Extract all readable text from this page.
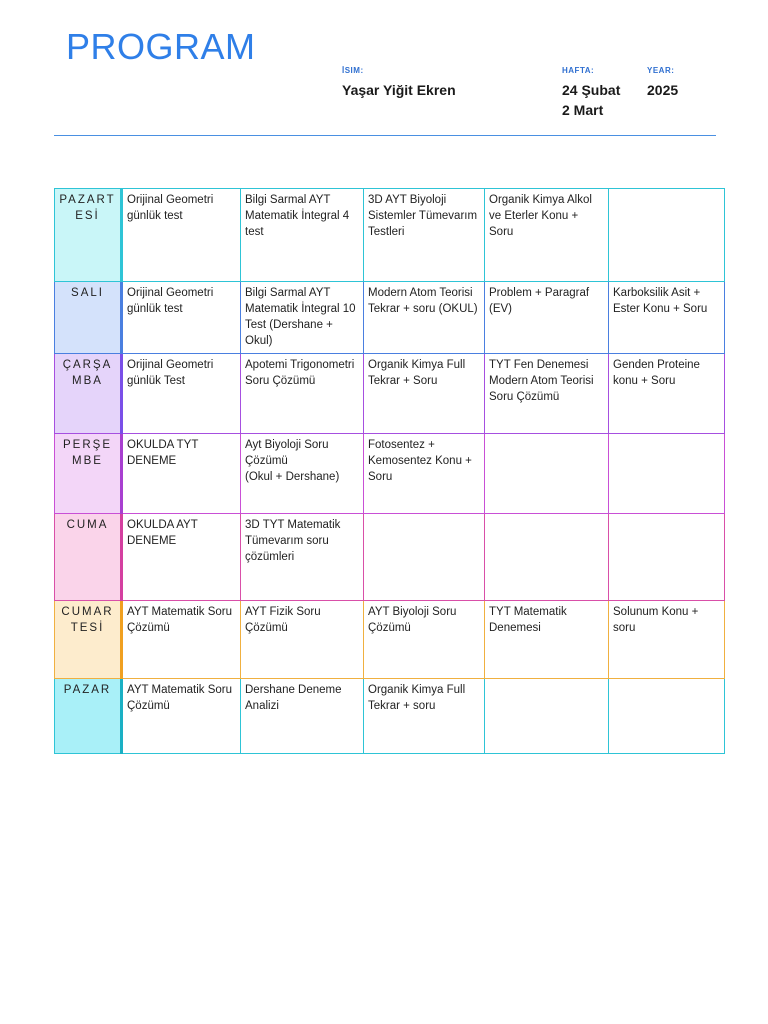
PROGRAM
İSIM:
Yaşar Yiğit Ekren
HAFTA:
24 Şubat
2 Mart
YEAR:
2025
PAZARTESİ	Orijinal Geometri günlük test	Bilgi Sarmal AYT Matematik İntegral 4 test	3D AYT Biyoloji Sistemler Tümevarım Testleri	Organik Kimya Alkol ve Eterler Konu + Soru	
SALI	Orijinal Geometri günlük test	Bilgi Sarmal AYT Matematik İntegral 10 Test (Dershane + Okul)	Modern Atom Teorisi Tekrar + soru (OKUL)	Problem + Paragraf (EV)	Karboksilik Asit + Ester Konu + Soru
ÇARŞAMBA	Orijinal Geometri günlük Test	Apotemi Trigonometri Soru Çözümü	Organik Kimya Full Tekrar + Soru	TYT Fen Denemesi Modern Atom Teorisi Soru Çözümü	Genden Proteine konu + Soru
PERŞEMBE	OKULDA TYT DENEME	Ayt Biyoloji Soru Çözümü
(Okul + Dershane)	Fotosentez + Kemosentez Konu + Soru		
CUMA	OKULDA AYT DENEME	3D TYT Matematik Tümevarım soru çözümleri			
CUMARTESİ	AYT Matematik Soru Çözümü	AYT Fizik Soru Çözümü	AYT Biyoloji Soru Çözümü	TYT Matematik Denemesi	Solunum Konu + soru
PAZAR	AYT Matematik Soru Çözümü	Dershane Deneme Analizi	Organik Kimya Full Tekrar + soru		
